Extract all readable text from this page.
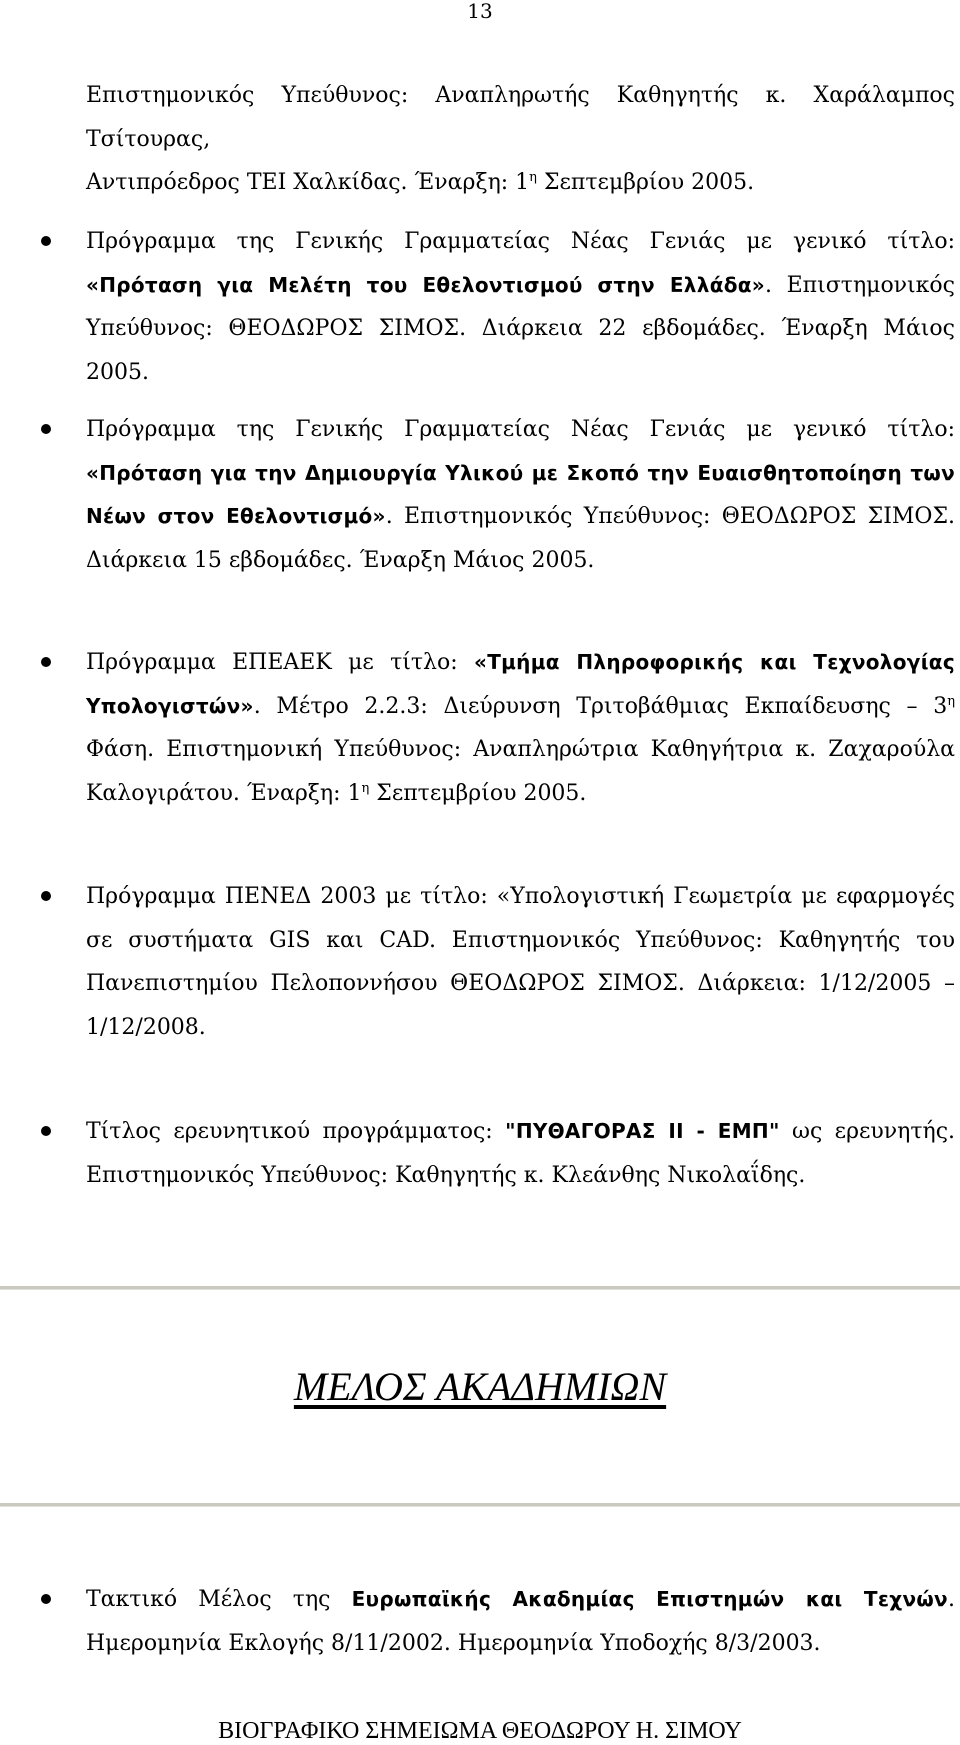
13
Επιστημονικός Υπεύθυνος: Αναπληρωτής Καθηγητής κ. Χαράλαμπος Τσίτουρας,
Αντιπρόεδρος ΤΕΙ Χαλκίδας. Έναρξη: $1^\eta$ Σεπτεμβρίου 2005.
Πρόγραμμα της Γενικής Γραμματείας Νέας Γενιάς με γενικό τίτλο: «Πρόταση για Μελέτη του Εθελοντισμού στην Ελλάδα». Επιστημονικός Υπεύθυνος: ΘΕΟΔΩΡΟΣ ΣΙΜΟΣ. Διάρκεια 22 εβδομάδες. Έναρξη Μάιος 2005.
Πρόγραμμα της Γενικής Γραμματείας Νέας Γενιάς με γενικό τίτλο: «Πρόταση για την Δημιουργία Υλικού με Σκοπό την Ευαισθητοποίηση των Νέων στον Εθελοντισμό». Επιστημονικός Υπεύθυνος: ΘΕΟΔΩΡΟΣ ΣΙΜΟΣ. Διάρκεια 15 εβδομάδες. Έναρξη Μάιος 2005.
Πρόγραμμα ΕΠΕΑΕΚ με τίτλο: «Τμήμα Πληροφορικής και Τεχνολογίας Υπολογιστών». Μέτρο 2.2.3: Διεύρυνση Τριτοβάθμιας Εκπαίδευσης – $3^\eta$ Φάση. Επιστημονική Υπεύθυνος: Αναπληρώτρια Καθηγήτρια κ. Ζαχαρούλα Καλογιράτου. Έναρξη: $1^\eta$ Σεπτεμβρίου 2005.
Πρόγραμμα ΠΕΝΕΔ 2003 με τίτλο: «Υπολογιστική Γεωμετρία με εφαρμογές σε συστήματα GIS και CAD. Επιστημονικός Υπεύθυνος: Καθηγητής του Πανεπιστημίου Πελοποννήσου ΘΕΟΔΩΡΟΣ ΣΙΜΟΣ. Διάρκεια: 1/12/2005 – 1/12/2008.
Τίτλος ερευνητικού προγράμματος: "ΠΥΘΑΓΟΡΑΣ ΙΙ - ΕΜΠ" ως ερευνητής. Επιστημονικός Υπεύθυνος: Καθηγητής κ. Κλεάνθης Νικολαΐδης.
ΜΕΛΟΣ ΑΚΑΔΗΜΙΩΝ
Τακτικό Μέλος της Ευρωπαϊκής Ακαδημίας Επιστημών και Τεχνών. Ημερομηνία Εκλογής 8/11/2002. Ημερομηνία Υποδοχής 8/3/2003.
ΒΙΟΓΡΑΦΙΚΟ ΣΗΜΕΙΩΜΑ ΘΕΟΔΩΡΟΥ Η. ΣΙΜΟΥ
